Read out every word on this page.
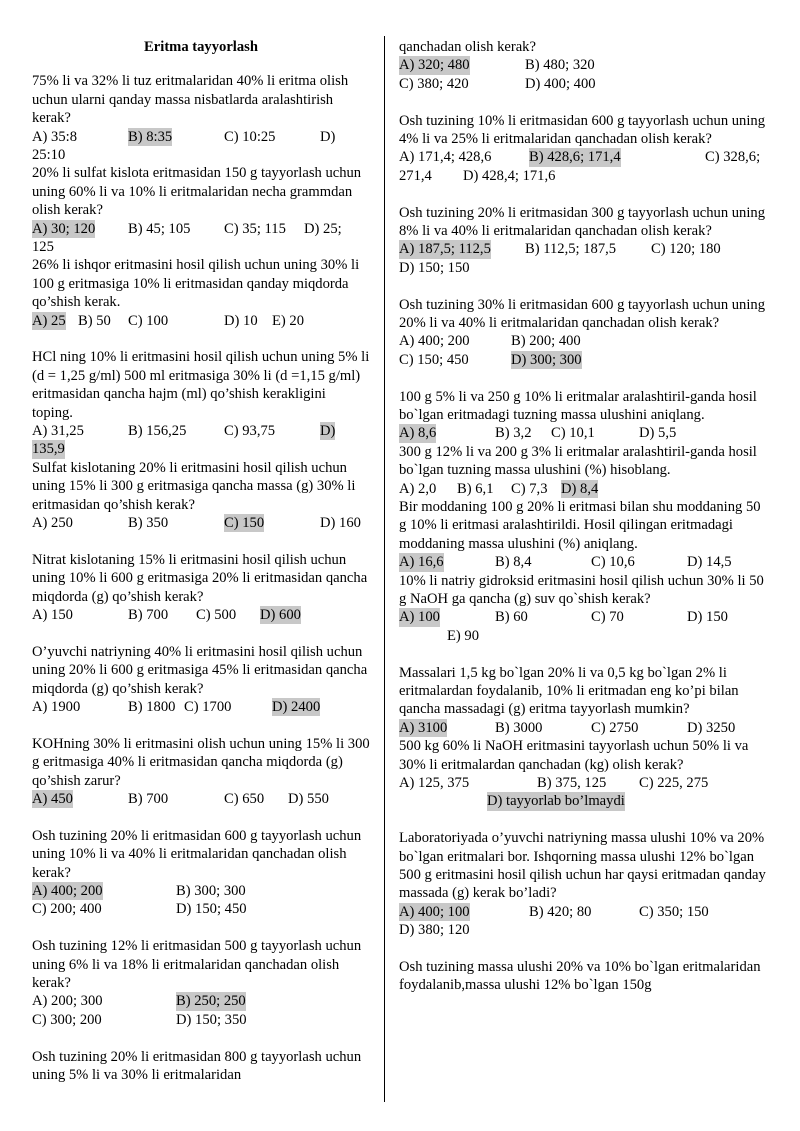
Eritma tayyorlash

75% li va 32% li tuz eritmalaridan 40% li eritma olish uchun ularni qanday massa nisbatlarda aralashtirish kerak?

A) 35:8	B) 8:35	C) 10:25	D)
25:10

20% li sulfat kislota eritmasidan 150 g tayyorlash uchun uning 60% li va 10% li eritmalaridan necha grammdan olish kerak?

A) 30; 120 B) 45; 105 C) 35; 115 D) 25;
125

26% li ishqor eritmasini hosil qilish uchun uning 30% li 100 g eritmasiga 10% li eritmasidan qanday miqdorda qo’shish kerak.

A) 25 B) 50 C) 100	D) 10 E) 20

HCl ning 10% li eritmasini hosil qilish uchun uning 5% li (d = 1,25 g/ml) 500 ml eritmasiga 30% li (d =1,15 g/ml) eritmasidan qancha hajm (ml) qo’shish kerakligini toping.

A) 31,25	B) 156,25	C) 93,75	D)
135,9

Sulfat kislotaning 20% li eritmasini hosil qilish uchun uning 15% li 300 g eritmasiga qancha massa (g) 30% li eritmasidan qo’shish kerak?

A) 250	B) 350	C) 150	D) 160

Nitrat kislotaning 15% li eritmasini hosil qilish uchun uning 10% li 600 g eritmasiga 20% li eritmasidan qancha miqdorda (g) qo’shish kerak?

A) 150	B) 700 C) 500 D) 600

O’yuvchi natriyning 40% li eritmasini hosil qilish uchun uning 20% li 600 g eritmasiga 45% li eritmasidan qancha miqdorda (g) qo’shish kerak?

A) 1900	B) 1800 C) 1700	D) 2400

KOHning 30% li eritmasini olish uchun uning 15% li 300 g eritmasiga 40% li eritmasidan qancha miqdorda (g) qo’shish zarur?

A) 450	B) 700	C) 650 D) 550

Osh tuzining 20% li eritmasidan 600 g tayyorlash uchun uning 10% li va 40% li eritmalaridan qanchadan olish kerak?

A) 400; 200	B) 300; 300
C) 200; 400	D) 150; 450

Osh tuzining 12% li eritmasidan 500 g tayyorlash uchun uning 6% li va 18% li eritmalaridan qanchadan olish kerak?

A) 200; 300	B) 250; 250
C) 300; 200	D) 150; 350

Osh tuzining 20% li eritmasidan 800 g tayyorlash uchun uning 5% li va 30% li eritmalaridan

qanchadan olish kerak?

A) 320; 480	B) 480; 320
C) 380; 420	D) 400; 400

Osh tuzining 10% li eritmasidan 600 g tayyorlash uchun uning 4% li va 25% li eritmalaridan qanchadan olish kerak?

A) 171,4; 428,6	B) 428,6; 171,4	C) 328,6;
271,4 D) 428,4; 171,6

Osh tuzining 20% li eritmasidan 300 g tayyorlash uchun uning 8% li va 40% li eritmalaridan qanchadan olish kerak?

A) 187,5; 112,5 B) 112,5; 187,5 C) 120; 180
D) 150; 150

Osh tuzining 30% li eritmasidan 600 g tayyorlash uchun uning 20% li va 40% li eritmalaridan qanchadan olish kerak?

A) 400; 200	B) 200; 400
C) 150; 450	D) 300; 300

100 g 5% li va 250 g 10% li eritmalar aralashtiril-ganda hosil bo`lgan eritmadagi tuzning massa ulushini aniqlang.

A) 8,6	B) 3,2 C) 10,1	D) 5,5

300 g 12% li va 200 g 3% li eritmalar aralashtiril-ganda hosil bo`lgan tuzning massa ulushini (%) hisoblang.

A) 2,0 B) 6,1 C) 7,3 D) 8,4

Bir moddaning 100 g 20% li eritmasi bilan shu moddaning 50 g 10% li eritmasi aralashtirildi. Hosil qilingan eritmadagi moddaning massa ulushini (%) aniqlang.

A) 16,6	B) 8,4	C) 10,6	D) 14,5

10% li natriy gidroksid eritmasini hosil qilish uchun 30% li 50 g NaOH ga qancha (g) suv qo`shish kerak?

A) 100	B) 60	C) 70	D) 150
E) 90

Massalari 1,5 kg bo`lgan 20% li va 0,5 kg bo`lgan 2% li eritmalardan foydalanib, 10% li eritmadan eng ko’pi bilan qancha massadagi (g) eritma tayyorlash mumkin?

A) 3100	B) 3000	C) 2750	D) 3250

500 kg 60% li NaOH eritmasini tayyorlash uchun 50% li va 30% li eritmalardan qanchadan (kg) olish kerak?

A) 125, 375	B) 375, 125 C) 225, 275
D) tayyorlab bo’lmaydi

Laboratoriyada o’yuvchi natriyning massa ulushi 10% va 20% bo`lgan eritmalari bor. Ishqorning massa ulushi 12% bo`lgan 500 g eritmasini hosil qilish uchun har qaysi eritmadan qanday massada (g) kerak bo’ladi?

A) 400; 100	B) 420; 80	C) 350; 150
D) 380; 120

Osh tuzining massa ulushi 20% va 10% bo`lgan eritmalaridan foydalanib,massa ulushi 12% bo`lgan 150g
